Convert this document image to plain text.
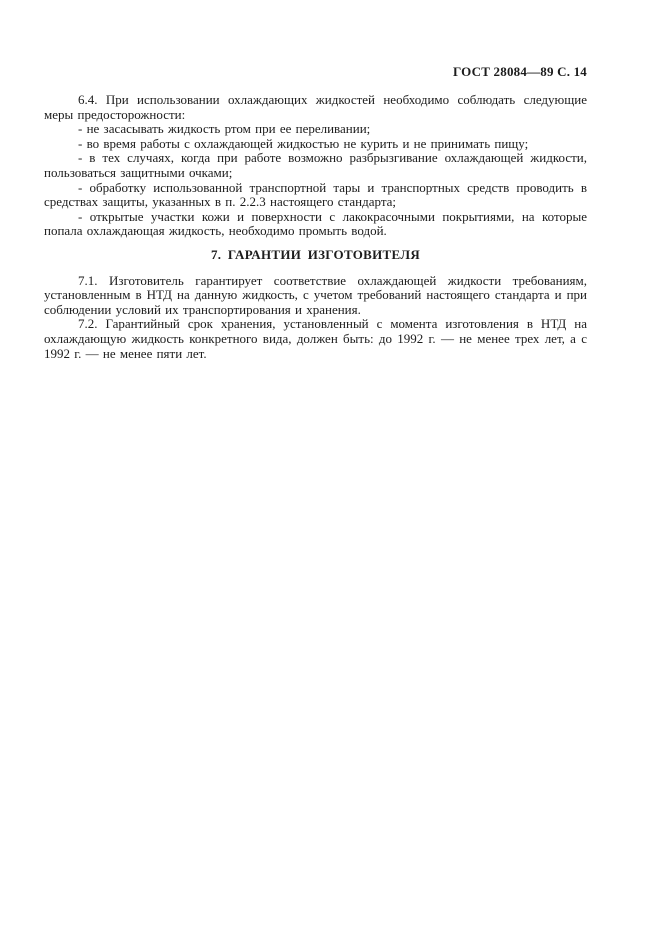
ГОСТ 28084—89 С. 14

6.4. При использовании охлаждающих жидкостей необходимо соблюдать следующие меры предосторожности:

- не засасывать жидкость ртом при ее переливании;

- во время работы с охлаждающей жидкостью не курить и не принимать пищу;

- в тех случаях, когда при работе возможно разбрызгивание охлаждающей жидкости, пользоваться защитными очками;

- обработку использованной транспортной тары и транспортных средств проводить в средствах защиты, указанных в п. 2.2.3 настоящего стандарта;

- открытые участки кожи и поверхности с лакокрасочными покрытиями, на которые попала охлаждающая жидкость, необходимо промыть водой.

7. ГАРАНТИИ ИЗГОТОВИТЕЛЯ

7.1. Изготовитель гарантирует соответствие охлаждающей жидкости требованиям, установленным в НТД на данную жидкость, с учетом требований настоящего стандарта и при соблюдении условий их транспортирования и хранения.

7.2. Гарантийный срок хранения, установленный с момента изготовления в НТД на охлаждающую жидкость конкретного вида, должен быть: до 1992 г. — не менее трех лет, а с 1992 г. — не менее пяти лет.
